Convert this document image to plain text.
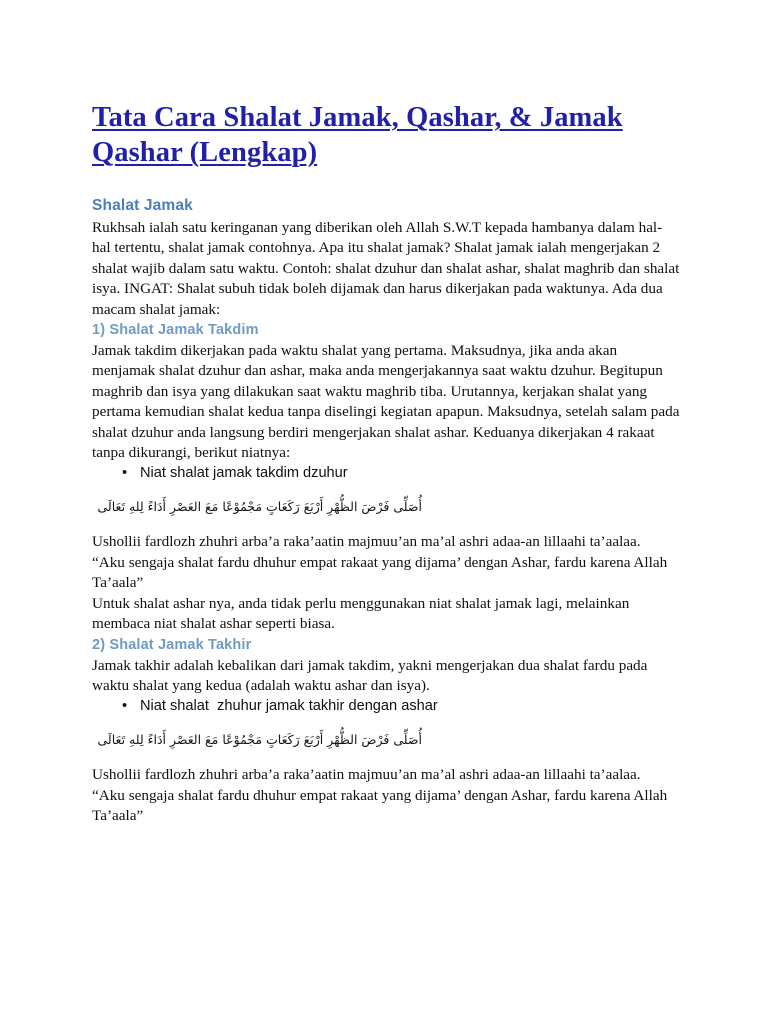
Tata Cara Shalat Jamak, Qashar, & Jamak Qashar (Lengkap)
Shalat Jamak

Rukhsah ialah satu keringanan yang diberikan oleh Allah S.W.T kepada hambanya dalam hal-hal tertentu, shalat jamak contohnya. Apa itu shalat jamak? Shalat jamak ialah mengerjakan 2 shalat wajib dalam satu waktu. Contoh: shalat dzuhur dan shalat ashar, shalat maghrib dan shalat isya. INGAT: Shalat subuh tidak boleh dijamak dan harus dikerjakan pada waktunya. Ada dua macam shalat jamak:

1) Shalat Jamak Takdim

Jamak takdim dikerjakan pada waktu shalat yang pertama. Maksudnya, jika anda akan menjamak shalat dzuhur dan ashar, maka anda mengerjakannya saat waktu dzuhur. Begitupun maghrib dan isya yang dilakukan saat waktu maghrib tiba. Urutannya, kerjakan shalat yang pertama kemudian shalat kedua tanpa diselingi kegiatan apapun. Maksudnya, setelah salam pada shalat dzuhur anda langsung berdiri mengerjakan shalat ashar. Keduanya dikerjakan 4 rakaat tanpa dikurangi, berikut niatnya:

• Niat shalat jamak takdim dzuhur
أُصَلِّى فَرْضَ الظُّهْرِ أَرْبَعَ رَكَعَاتٍ مَجْمُوْعًا مَعَ العَصْرِ أَدَاءً لِلهِ تَعَالَى

Ushollii fardlozh zhuhri arba’a raka’aatin majmuu’an ma’al ashri adaa-an lillaahi ta’aalaa.

“Aku sengaja shalat fardu dhuhur empat rakaat yang dijama’ dengan Ashar, fardu karena Allah Ta’aala”

Untuk shalat ashar nya, anda tidak perlu menggunakan niat shalat jamak lagi, melainkan membaca niat shalat ashar seperti biasa.

2) Shalat Jamak Takhir

Jamak takhir adalah kebalikan dari jamak takdim, yakni mengerjakan dua shalat fardu pada waktu shalat yang kedua (adalah waktu ashar dan isya).

• Niat shalat  zhuhur jamak takhir dengan ashar
أُصَلِّى فَرْضَ الظُّهْرِ أَرْبَعَ رَكَعَاتٍ مَجْمُوْعًا مَعَ العَصْرِ أَدَاءً لِلهِ تَعَالَى

Ushollii fardlozh zhuhri arba’a raka’aatin majmuu’an ma’al ashri adaa-an lillaahi ta’aalaa.

“Aku sengaja shalat fardu dhuhur empat rakaat yang dijama’ dengan Ashar, fardu karena Allah Ta’aala”
